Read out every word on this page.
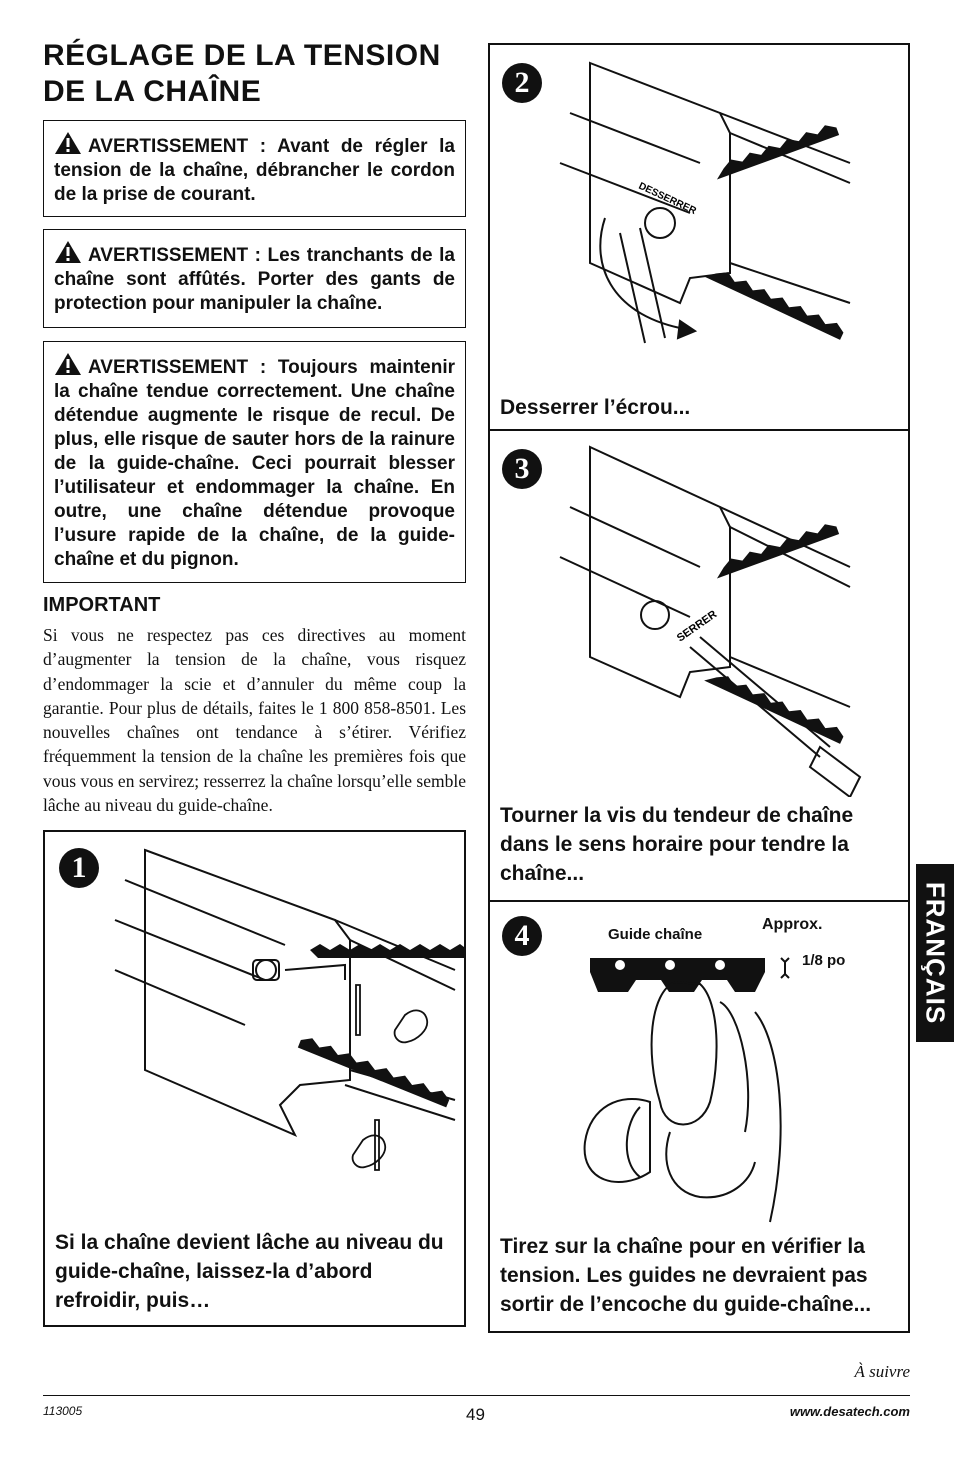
RÉGLAGE DE LA TENSION
DE LA CHAÎNE
AVERTISSEMENT : Avant de régler la tension de la chaîne, débrancher le cordon de la prise de courant.
AVERTISSEMENT : Les tranchants de la chaîne sont affûtés. Porter des gants de protection pour manipuler la chaîne.
AVERTISSEMENT : Toujours maintenir la chaîne tendue correctement. Une chaîne détendue augmente le risque de recul. De plus, elle risque de sauter hors de la rainure de la guide-chaîne. Ceci pourrait blesser l’utilisateur et endommager la chaîne. En outre, une chaîne détendue provoque l’usure rapide de la chaîne, de la guide-chaîne et du pignon.
IMPORTANT
Si vous ne respectez pas ces directives au moment d’augmenter la tension de la chaîne, vous risquez d’endommager la scie et d’annuler du même coup la garantie. Pour plus de détails, faites le 1 800 858-8501. Les nouvelles chaînes ont tendance à s’étirer. Vérifiez fréquemment la tension de la chaîne les premières fois que vous vous en servirez; resserrez la chaîne lorsqu’elle semble lâche au niveau du guide-chaîne.
1
Si la chaîne devient lâche au niveau du guide-chaîne, laissez-la d’abord refroidir, puis…
2
DESSERRER
Desserrer l’écrou...
3
SERRER
Tourner la vis du tendeur de chaîne dans le sens horaire pour tendre la chaîne...
4	Guide chaîne
Approx.
1/8 po
Tirez sur la chaîne pour en vérifier la tension. Les guides ne devraient pas sortir de l’encoche du guide-chaîne...
FRANÇAIS
À suivre
113005	49	www.desatech.com
